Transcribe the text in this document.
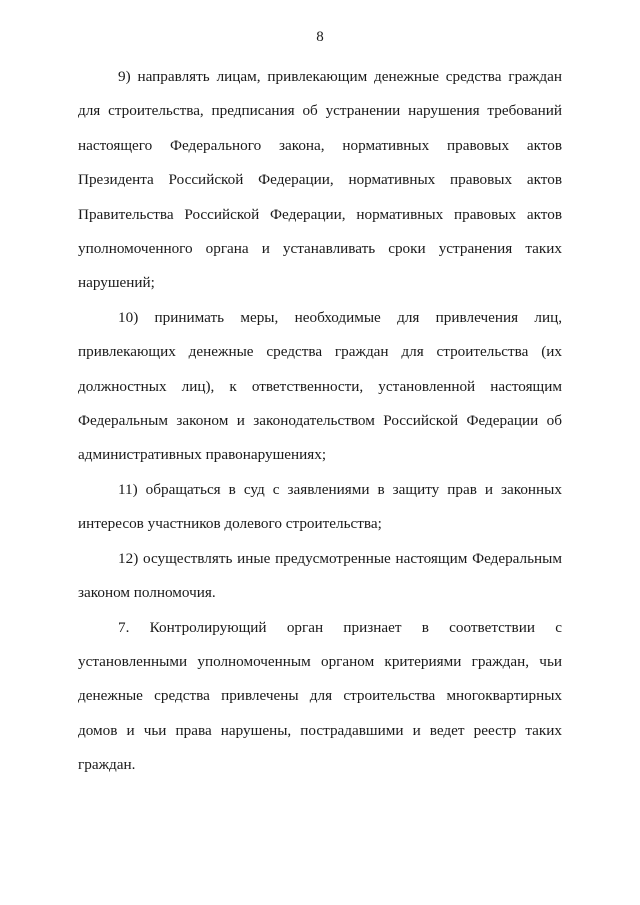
8

9) направлять лицам, привлекающим денежные средства граждан для строительства, предписания об устранении нарушения требований настоящего Федерального закона, нормативных правовых актов Президента Российской Федерации, нормативных правовых актов Правительства Российской Федерации, нормативных правовых актов уполномоченного органа и устанавливать сроки устранения таких нарушений;

10) принимать меры, необходимые для привлечения лиц, привлекающих денежные средства граждан для строительства (их должностных лиц), к ответственности, установленной настоящим Федеральным законом и законодательством Российской Федерации об административных правонарушениях;

11) обращаться в суд с заявлениями в защиту прав и законных интересов участников долевого строительства;

12) осуществлять иные предусмотренные настоящим Федеральным законом полномочия.

7. Контролирующий орган признает в соответствии с установленными уполномоченным органом критериями граждан, чьи денежные средства привлечены для строительства многоквартирных домов и чьи права нарушены, пострадавшими и ведет реестр таких граждан.
